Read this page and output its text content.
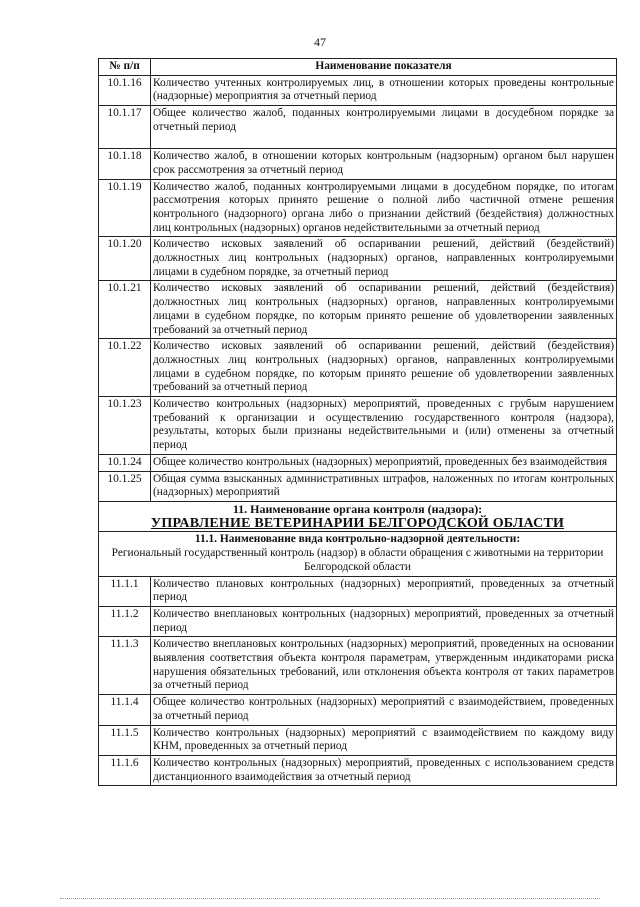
47
№ п/п	Наименование показателя
10.1.16	Количество учтенных контролируемых лиц, в отношении которых проведены контрольные (надзорные) мероприятия за отчетный период
10.1.17	Общее количество жалоб, поданных контролируемыми лицами в досудебном порядке за отчетный период
10.1.18	Количество жалоб, в отношении которых контрольным (надзорным) органом был нарушен срок рассмотрения за отчетный период
10.1.19	Количество жалоб, поданных контролируемыми лицами в досудебном порядке, по итогам рассмотрения которых принято решение о полной либо частичной отмене решения контрольного (надзорного) органа либо о признании действий (бездействия) должностных лиц контрольных (надзорных) органов недействительными за отчетный период
10.1.20	Количество исковых заявлений об оспаривании решений, действий (бездействий) должностных лиц контрольных (надзорных) органов, направленных контролируемыми лицами в судебном порядке, за отчетный период
10.1.21	Количество исковых заявлений об оспаривании решений, действий (бездействия) должностных лиц контрольных (надзорных) органов, направленных контролируемыми лицами в судебном порядке, по которым принято решение об удовлетворении заявленных требований за отчетный период
10.1.22	Количество исковых заявлений об оспаривании решений, действий (бездействия) должностных лиц контрольных (надзорных) органов, направленных контролируемыми лицами в судебном порядке, по которым принято решение об удовлетворении заявленных требований за отчетный период
10.1.23	Количество контрольных (надзорных) мероприятий, проведенных с грубым нарушением требований к организации и осуществлению государственного контроля (надзора), результаты, которых были признаны недействительными и (или) отменены за отчетный период
10.1.24	Общее количество контрольных (надзорных) мероприятий, проведенных без взаимодействия
10.1.25	Общая сумма взысканных административных штрафов, наложенных по итогам контрольных (надзорных) мероприятий

11. Наименование органа контроля (надзора):
УПРАВЛЕНИЕ ВЕТЕРИНАРИИ БЕЛГОРОДСКОЙ ОБЛАСТИ	

11.1. Наименование вида контрольно-надзорной деятельности:
Региональный государственный контроль (надзор) в области обращения с животными на территории Белгородской области	

11.1.1	Количество плановых контрольных (надзорных) мероприятий, проведенных за отчетный период
11.1.2	Количество внеплановых контрольных (надзорных) мероприятий, проведенных за отчетный период
11.1.3	Количество внеплановых контрольных (надзорных) мероприятий, проведенных на основании выявления соответствия объекта контроля параметрам, утвержденным индикаторами риска нарушения обязательных требований, или отклонения объекта контроля от таких параметров за отчетный период
11.1.4	Общее количество контрольных (надзорных) мероприятий с взаимодействием, проведенных за отчетный период
11.1.5	Количество контрольных (надзорных) мероприятий с взаимодействием по каждому виду КНМ, проведенных за отчетный период
11.1.6	Количество контрольных (надзорных) мероприятий, проведенных с использованием средств дистанционного взаимодействия за отчетный период
